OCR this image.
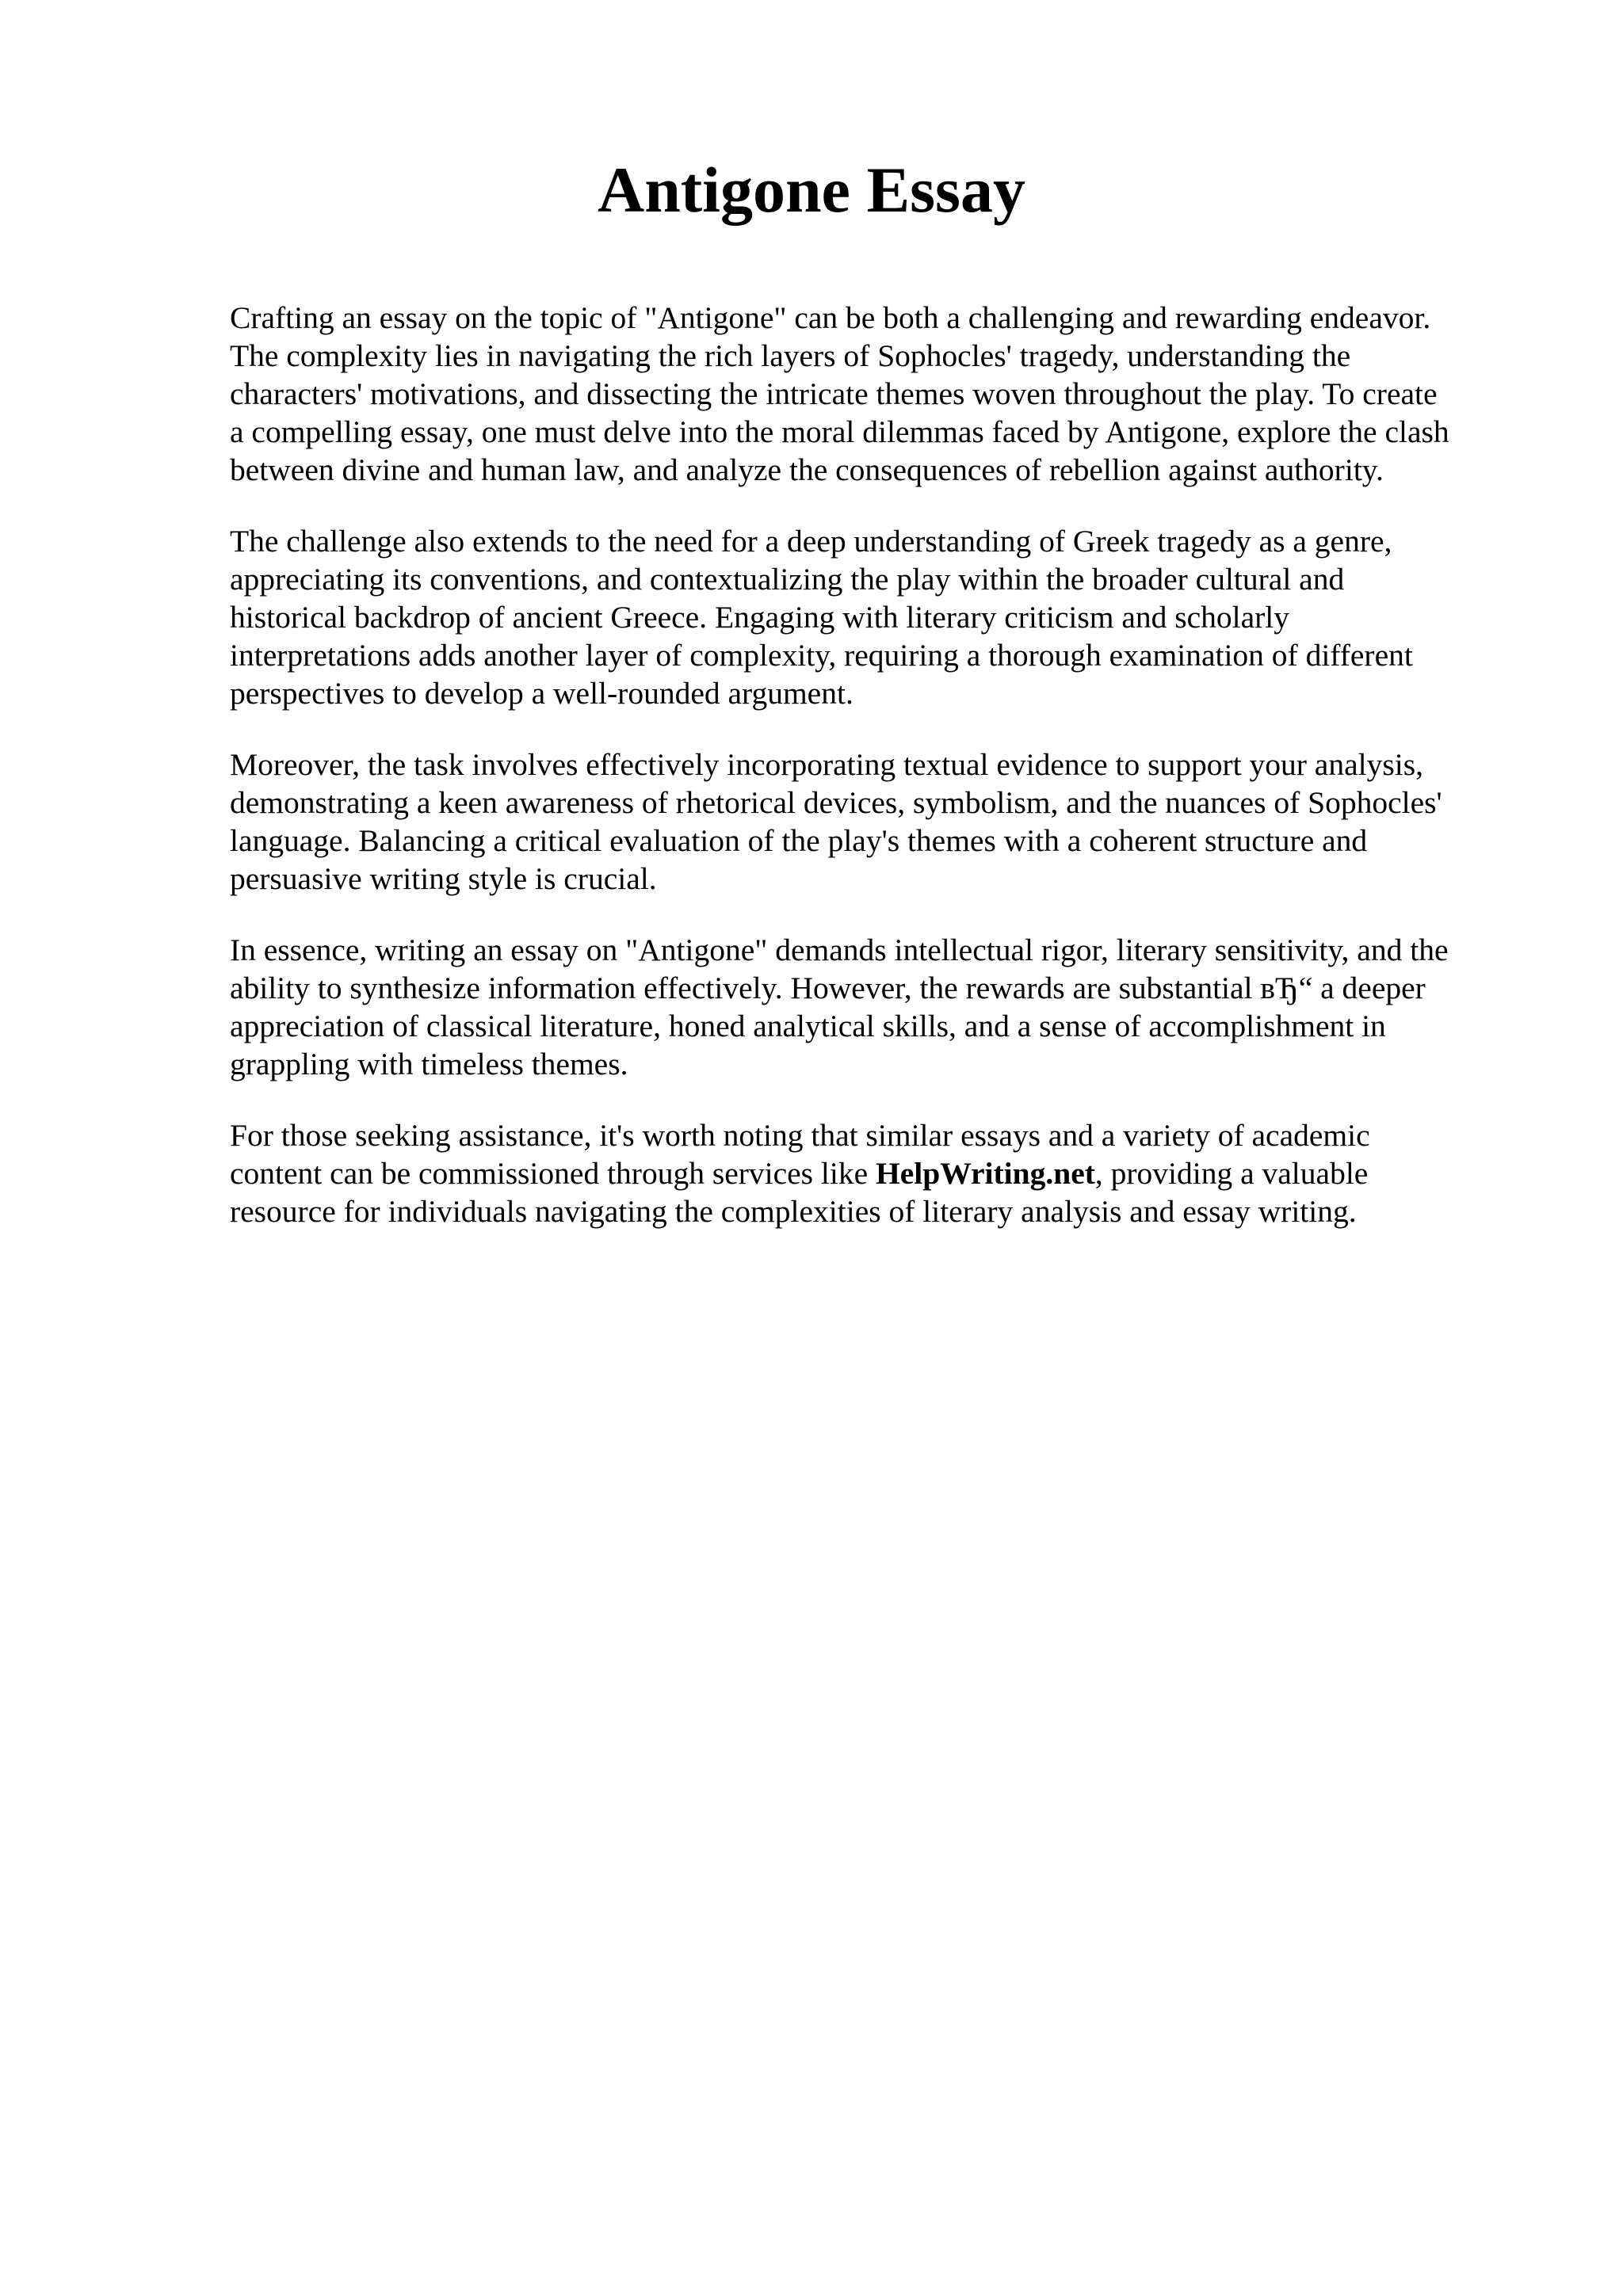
Antigone Essay

Crafting an essay on the topic of "Antigone" can be both a challenging and rewarding endeavor.
The complexity lies in navigating the rich layers of Sophocles' tragedy, understanding the
characters' motivations, and dissecting the intricate themes woven throughout the play. To create
a compelling essay, one must delve into the moral dilemmas faced by Antigone, explore the clash
between divine and human law, and analyze the consequences of rebellion against authority.

The challenge also extends to the need for a deep understanding of Greek tragedy as a genre,
appreciating its conventions, and contextualizing the play within the broader cultural and
historical backdrop of ancient Greece. Engaging with literary criticism and scholarly
interpretations adds another layer of complexity, requiring a thorough examination of different
perspectives to develop a well-rounded argument.

Moreover, the task involves effectively incorporating textual evidence to support your analysis,
demonstrating a keen awareness of rhetorical devices, symbolism, and the nuances of Sophocles'
language. Balancing a critical evaluation of the play's themes with a coherent structure and
persuasive writing style is crucial.

In essence, writing an essay on "Antigone" demands intellectual rigor, literary sensitivity, and the
ability to synthesize information effectively. However, the rewards are substantial вЂ“ a deeper
appreciation of classical literature, honed analytical skills, and a sense of accomplishment in
grappling with timeless themes.

For those seeking assistance, it's worth noting that similar essays and a variety of academic
content can be commissioned through services like HelpWriting.net, providing a valuable
resource for individuals navigating the complexities of literary analysis and essay writing.
